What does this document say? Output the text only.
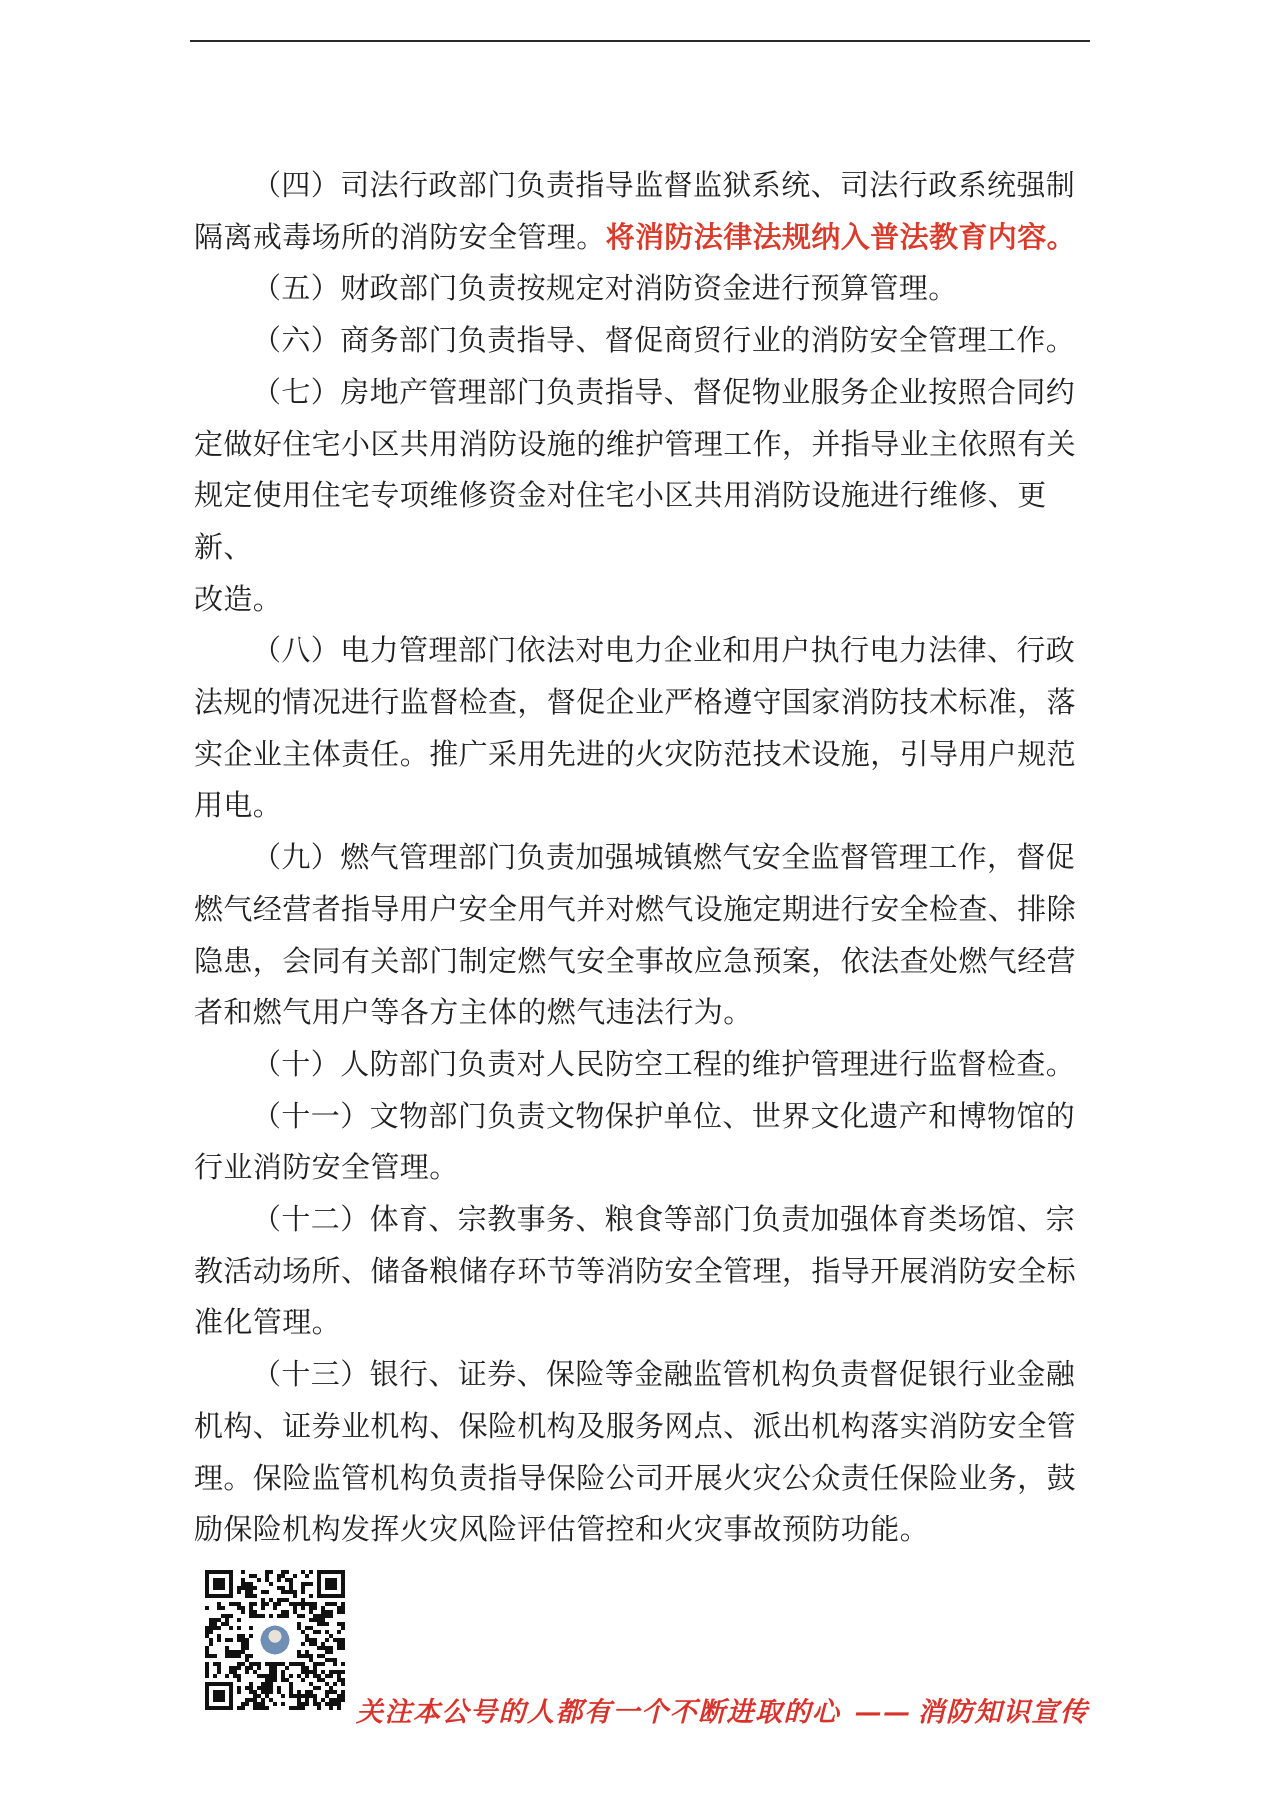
（四）司法行政部门负责指导监督监狱系统、司法行政系统强制
隔离戒毒场所的消防安全管理。将消防法律法规纳入普法教育内容。

（五）财政部门负责按规定对消防资金进行预算管理。

（六）商务部门负责指导、督促商贸行业的消防安全管理工作。

（七）房地产管理部门负责指导、督促物业服务企业按照合同约
定做好住宅小区共用消防设施的维护管理工作，并指导业主依照有关
规定使用住宅专项维修资金对住宅小区共用消防设施进行维修、更新、
改造。

（八）电力管理部门依法对电力企业和用户执行电力法律、行政
法规的情况进行监督检查，督促企业严格遵守国家消防技术标准，落
实企业主体责任。推广采用先进的火灾防范技术设施，引导用户规范
用电。

（九）燃气管理部门负责加强城镇燃气安全监督管理工作，督促
燃气经营者指导用户安全用气并对燃气设施定期进行安全检查、排除
隐患，会同有关部门制定燃气安全事故应急预案，依法查处燃气经营
者和燃气用户等各方主体的燃气违法行为。

（十）人防部门负责对人民防空工程的维护管理进行监督检查。

（十一）文物部门负责文物保护单位、世界文化遗产和博物馆的
行业消防安全管理。

（十二）体育、宗教事务、粮食等部门负责加强体育类场馆、宗
教活动场所、储备粮储存环节等消防安全管理，指导开展消防安全标
准化管理。

（十三）银行、证券、保险等金融监管机构负责督促银行业金融
机构、证券业机构、保险机构及服务网点、派出机构落实消防安全管
理。保险监管机构负责指导保险公司开展火灾公众责任保险业务，鼓
励保险机构发挥火灾风险评估管控和火灾事故预防功能。

关注本公号的人都有一个不断进取的心 —— 消防知识宣传
